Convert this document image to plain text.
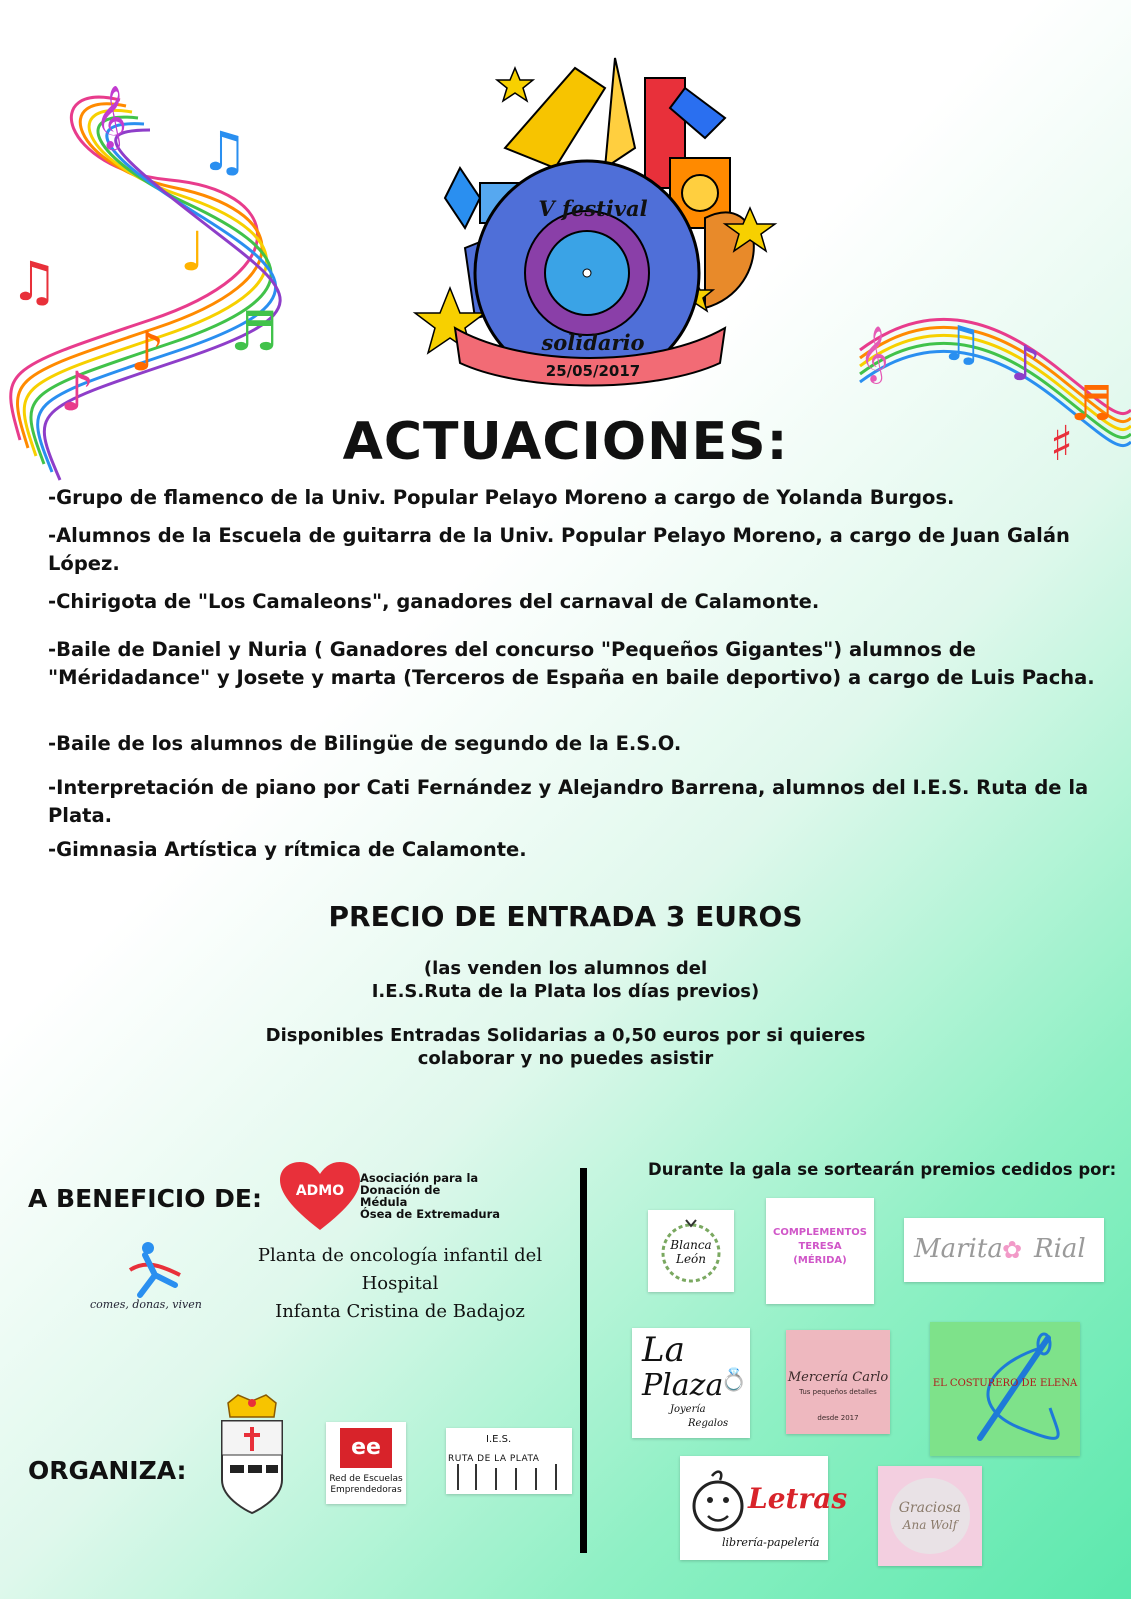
𝄞
♫
♪
♩
♬
♫
♪	𝄞 ♫ ♪
♬
♯
V festival
solidario
25/05/2017
ACTUACIONES:
-Grupo de flamenco de la Univ. Popular Pelayo Moreno a cargo de Yolanda Burgos.
-Alumnos de la Escuela de guitarra de la Univ. Popular Pelayo Moreno, a cargo de Juan Galán López.
-Chirigota de "Los Camaleons", ganadores del carnaval de Calamonte.
-Baile de Daniel y Nuria ( Ganadores del concurso "Pequeños Gigantes") alumnos de "Méridadance" y Josete y marta (Terceros de España en baile deportivo) a cargo de Luis Pacha.
-Baile de los alumnos de Bilingüe de segundo de la E.S.O.
-Interpretación de piano por Cati Fernández y Alejandro Barrena, alumnos del I.E.S. Ruta de la Plata.
-Gimnasia Artística y rítmica de Calamonte.
PRECIO DE ENTRADA 3 EUROS
(las venden los alumnos del
I.E.S.Ruta de la Plata los días previos)
Disponibles Entradas Solidarias a 0,50 euros por si quieres
colaborar y no puedes asistir
A BENEFICIO DE:	ADMO
Asociación para la
Donación de
Médula
Ósea de Extremadura
comes, donas, viven
Planta de oncología infantil del Hospital
Infanta Cristina de Badajoz
ORGANIZA:
ee
Red de Escuelas
Emprendedoras
I.E.S.
RUTA DE LA PLATA
Durante la gala se sortearán premios cedidos por:
Blanca
León
COMPLEMENTOS
TERESA
(MÉRIDA)	Marita ✿ Rial
La
Plaza
Joyería
Regalos
💍	Mercería Carlo
Tus pequeños detalles
desde 2017
EL COSTURERO DE ELENA
Letras
librería-papelería
Graciosa
Ana Wolf
